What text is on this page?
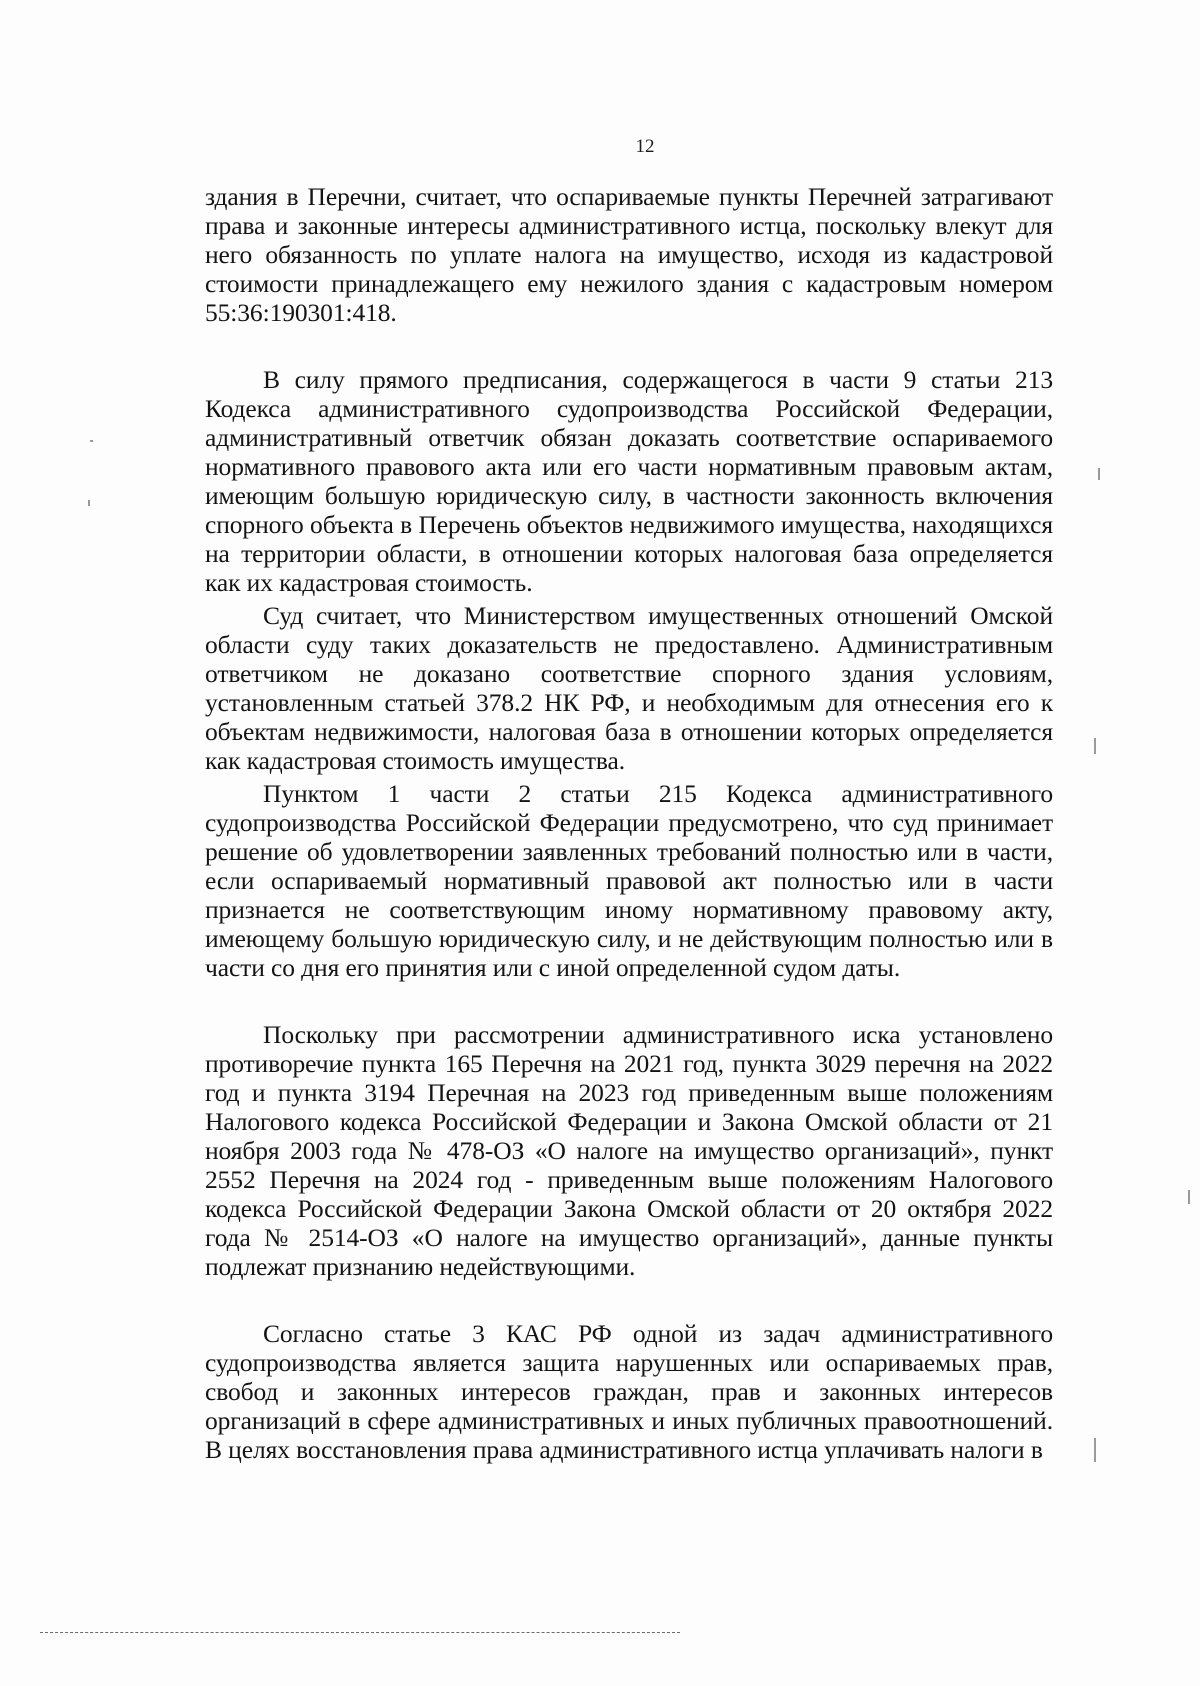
12

здания в Перечни, считает, что оспариваемые пункты Перечней затрагивают права и законные интересы административного истца, поскольку влекут для него обязанность по уплате налога на имущество, исходя из кадастровой стоимости принадлежащего ему нежилого здания с кадастровым номером 55:36:190301:418.

В силу прямого предписания, содержащегося в части 9 статьи 213 Кодекса административного судопроизводства Российской Федерации, административный ответчик обязан доказать соответствие оспариваемого нормативного правового акта или его части нормативным правовым актам, имеющим большую юридическую силу, в частности законность включения спорного объекта в Перечень объектов недвижимого имущества, находящихся на территории области, в отношении которых налоговая база определяется как их кадастровая стоимость.

Суд считает, что Министерством имущественных отношений Омской области суду таких доказательств не предоставлено. Административным ответчиком не доказано соответствие спорного здания условиям, установленным статьей 378.2 НК РФ, и необходимым для отнесения его к объектам недвижимости, налоговая база в отношении которых определяется как кадастровая стоимость имущества.

Пунктом 1 части 2 статьи 215 Кодекса административного судопроизводства Российской Федерации предусмотрено, что суд принимает решение об удовлетворении заявленных требований полностью или в части, если оспариваемый нормативный правовой акт полностью или в части признается не соответствующим иному нормативному правовому акту, имеющему большую юридическую силу, и не действующим полностью или в части со дня его принятия или с иной определенной судом даты.

Поскольку при рассмотрении административного иска установлено противоречие пункта 165 Перечня на 2021 год, пункта 3029 перечня на 2022 год и пункта 3194 Перечная на 2023 год приведенным выше положениям Налогового кодекса Российской Федерации и Закона Омской области от 21 ноября 2003 года № 478-ОЗ «О налоге на имущество организаций», пункт 2552 Перечня на 2024 год - приведенным выше положениям Налогового кодекса Российской Федерации Закона Омской области от 20 октября 2022 года № 2514-ОЗ «О налоге на имущество организаций», данные пункты подлежат признанию недействующими.

Согласно статье 3 КАС РФ одной из задач административного судопроизводства является защита нарушенных или оспариваемых прав, свобод и законных интересов граждан, прав и законных интересов организаций в сфере административных и иных публичных правоотношений. В целях восстановления права административного истца уплачивать налоги в
